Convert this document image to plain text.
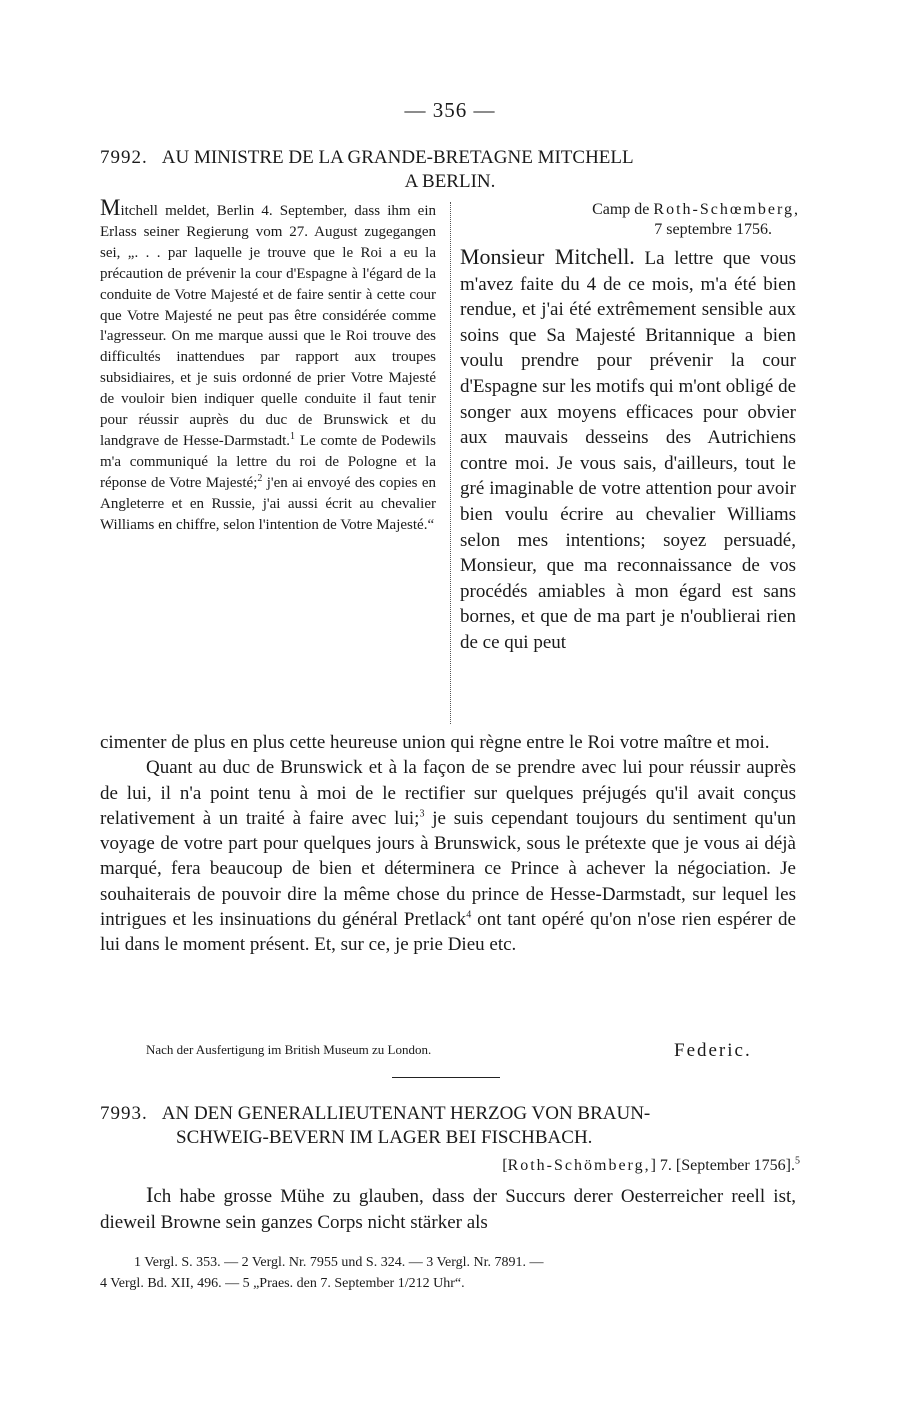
— 356 —
7992. AU MINISTRE DE LA GRANDE-BRETAGNE MITCHELL
A BERLIN.
Mitchell meldet, Berlin 4. September, dass ihm ein Erlass seiner Regierung vom 27. August zugegangen sei, „. . . par laquelle je trouve que le Roi a eu la précaution de prévenir la cour d'Espagne à l'égard de la conduite de Votre Majesté et de faire sentir à cette cour que Votre Majesté ne peut pas être considérée comme l'agresseur. On me marque aussi que le Roi trouve des difficultés inattendues par rapport aux troupes subsidiaires, et je suis ordonné de prier Votre Majesté de vouloir bien indiquer quelle conduite il faut tenir pour réussir auprès du duc de Brunswick et du landgrave de Hesse-Darmstadt.$^1$ Le comte de Podewils m'a communiqué la lettre du roi de Pologne et la réponse de Votre Majesté;$^2$ j'en ai envoyé des copies en Angleterre et en Russie, j'ai aussi écrit au chevalier Williams en chiffre, selon l'intention de Votre Majesté.“
Camp de Roth-Schœmberg,
7 septembre 1756.
Monsieur Mitchell. La lettre que vous m'avez faite du 4 de ce mois, m'a été bien rendue, et j'ai été extrêmement sensible aux soins que Sa Majesté Britannique a bien voulu prendre pour prévenir la cour d'Espagne sur les motifs qui m'ont obligé de songer aux moyens efficaces pour obvier aux mauvais desseins des Autrichiens contre moi. Je vous sais, d'ailleurs, tout le gré imaginable de votre attention pour avoir bien voulu écrire au chevalier Williams selon mes intentions; soyez persuadé, Monsieur, que ma reconnaissance de vos procédés amiables à mon égard est sans bornes, et que de ma part je n'oublierai rien de ce qui peut

cimenter de plus en plus cette heureuse union qui règne entre le Roi votre maître et moi.

Quant au duc de Brunswick et à la façon de se prendre avec lui pour réussir auprès de lui, il n'a point tenu à moi de le rectifier sur quelques préjugés qu'il avait conçus relativement à un traité à faire avec lui;$^3$ je suis cependant toujours du sentiment qu'un voyage de votre part pour quelques jours à Brunswick, sous le prétexte que je vous ai déjà marqué, fera beaucoup de bien et déterminera ce Prince à achever la négociation. Je souhaiterais de pouvoir dire la même chose du prince de Hesse-Darmstadt, sur lequel les intrigues et les insinuations du général Pretlack$^4$ ont tant opéré qu'on n'ose rien espérer de lui dans le moment présent. Et, sur ce, je prie Dieu etc.

Nach der Ausfertigung im British Museum zu London.	Federic.
7993. AN DEN GENERALLIEUTENANT HERZOG VON BRAUN-
SCHWEIG-BEVERN IM LAGER BEI FISCHBACH.
[Roth-Schömberg,] 7. [September 1756].$^5$
Ich habe grosse Mühe zu glauben, dass der Succurs derer Oesterreicher reell ist, dieweil Browne sein ganzes Corps nicht stärker als
1 Vergl. S. 353. — 2 Vergl. Nr. 7955 und S. 324. — 3 Vergl. Nr. 7891. —
4 Vergl. Bd. XII, 496. — 5 „Praes. den 7. September 1/212 Uhr“.
